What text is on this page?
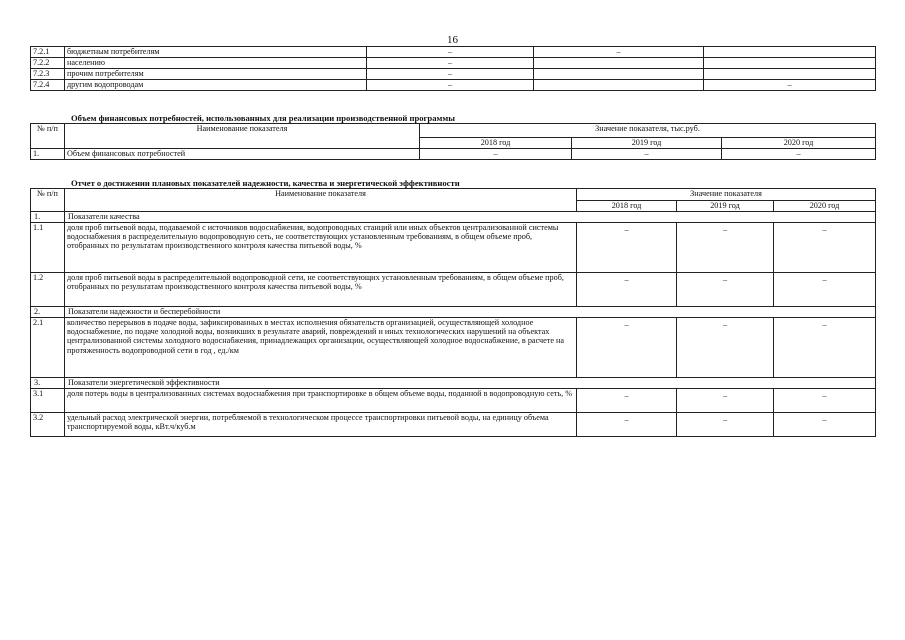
16
7.2.1	бюджетным потребителям	–	–	
7.2.2	населению	–		
7.2.3	прочим потребителям	–		
7.2.4	другим водопроводам	–		–
Объем финансовых потребностей, использованных для реализации производственной программы
№ п/п	Наименование показателя	Значение показателя, тыс.руб.		
		2018 год	2019 год	2020 год
1.	Объем финансовых потребностей	–	–	–
Отчет о достижении плановых показателей надежности, качества и энергетической эффективности
№ п/п	Наименование показателя	Значение показателя		
		2018 год	2019 год	2020 год
1.	Показатели качества			
1.1	доля проб питьевой воды, подаваемой с источников водоснабжения, водопроводных станций или иных объектов централизованной системы водоснабжения в распределительную водопроводную сеть, не соответствующих установленным требованиям, в общем объеме проб, отобранных по результатам производственного контроля качества питьевой воды, %	–	–	–
1.2	доля проб питьевой воды в распределительной водопроводной сети, не соответствующих установленным требованиям, в общем объеме проб, отобранных по результатам производственного контроля качества питьевой воды, %	–	–	–
2.	Показатели надежности и бесперебойности			
2.1	количество перерывов в подаче воды, зафиксированных в местах исполнения обязательств организацией, осуществляющей холодное водоснабжение, по подаче холодной воды, возникших в результате аварий, повреждений и иных технологических нарушений на объектах централизованной системы холодного водоснабжения, принадлежащих организации, осуществляющей холодное водоснабжение, в расчете на протяженность водопроводной сети в год , ед./км	–	–	–
3.	Показатели энергетической эффективности			
3.1	доля потерь воды в централизованных системах водоснабжения при транспортировке в общем объеме воды, поданной в водопроводную сеть, %	–	–	–
3.2	удельный расход электрической энергии, потребляемой в технологическом процессе транспортировки питьевой воды, на единицу объема транспортируемой воды, кВт.ч/куб.м	–	–	–
